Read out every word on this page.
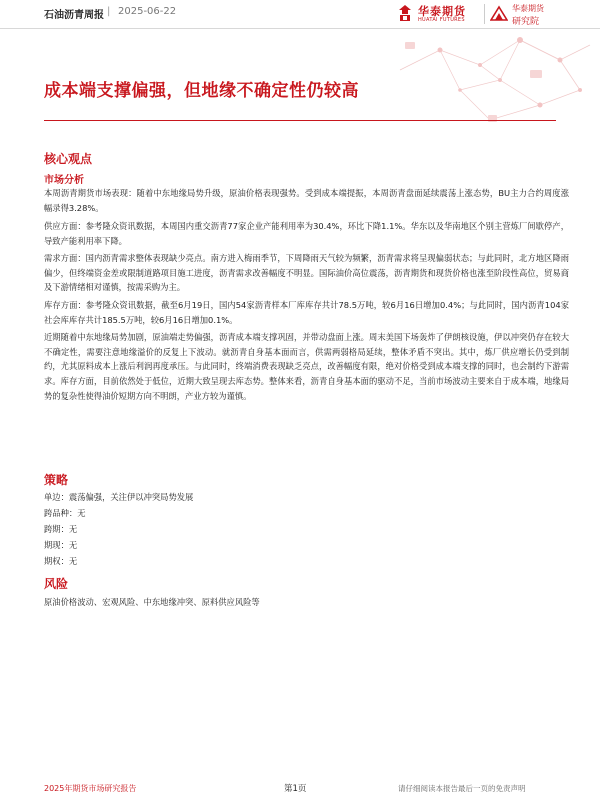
石油沥青周报 | 2025-06-22	华泰期货
HUATAI FUTURES
华泰期货
研究院
成本端支撑偏强，但地缘不确定性仍较高
核心观点
市场分析

本周沥青期货市场表现：随着中东地缘局势升级，原油价格表现强势。受到成本端提振，本周沥青盘面延续震荡上涨态势，BU主力合约周度涨幅录得3.28%。

供应方面：参考隆众资讯数据，本周国内重交沥青77家企业产能利用率为30.4%，环比下降1.1%。华东以及华南地区个别主营炼厂间歇停产，导致产能利用率下降。

需求方面：国内沥青需求整体表现缺少亮点。南方进入梅雨季节，下周降雨天气较为频繁，沥青需求将呈现偏弱状态；与此同时，北方地区降雨偏少，但终端资金差或限制道路项目施工进度，沥青需求改善幅度不明显。国际油价高位震荡，沥青期货和现货价格也涨至阶段性高位，贸易商及下游情绪相对谨慎，按需采购为主。

库存方面：参考隆众资讯数据，截至6月19日，国内54家沥青样本厂库库存共计78.5万吨，较6月16日增加0.4%；与此同时，国内沥青104家社会库库存共计185.5万吨，较6月16日增加0.1%。

近期随着中东地缘局势加剧，原油端走势偏强，沥青成本端支撑巩固，并带动盘面上涨。周末美国下场轰炸了伊朗核设施，伊以冲突仍存在较大不确定性，需要注意地缘溢价的反复上下波动。就沥青自身基本面而言，供需两弱格局延续，整体矛盾不突出。其中，炼厂供应增长仍受到制约，尤其原料成本上涨后利润再度承压。与此同时，终端消费表现缺乏亮点，改善幅度有限，绝对价格受到成本端支撑的同时，也会制约下游需求。库存方面，目前依然处于低位，近期大致呈现去库态势。整体来看，沥青自身基本面的驱动不足，当前市场波动主要来自于成本端，地缘局势的复杂性使得油价短期方向不明朗，产业方较为谨慎。

策略
单边：震荡偏强，关注伊以冲突局势发展
跨品种：无
跨期：无
期现：无
期权：无
风险
原油价格波动、宏观风险、中东地缘冲突、原料供应风险等
2025年期货市场研究报告	第1页	请仔细阅读本报告最后一页的免责声明
